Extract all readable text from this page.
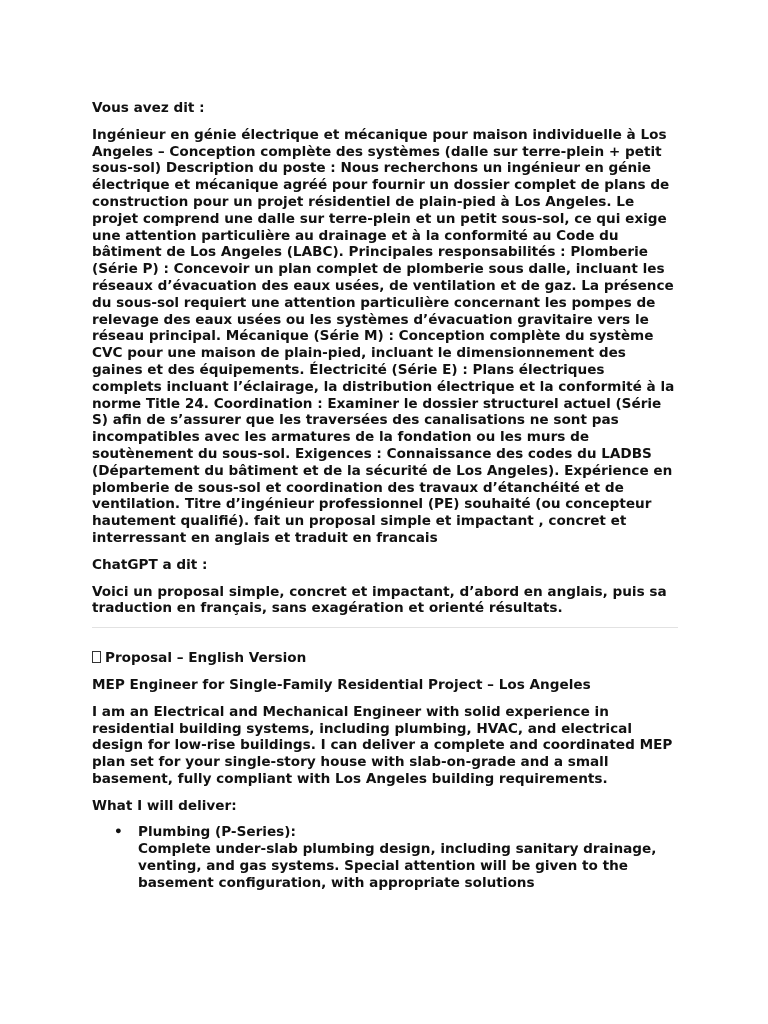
Vous avez dit :

Ingénieur en génie électrique et mécanique pour maison individuelle à Los Angeles – Conception complète des systèmes (dalle sur terre-plein + petit sous-sol) Description du poste : Nous recherchons un ingénieur en génie électrique et mécanique agréé pour fournir un dossier complet de plans de construction pour un projet résidentiel de plain-pied à Los Angeles. Le projet comprend une dalle sur terre-plein et un petit sous-sol, ce qui exige une attention particulière au drainage et à la conformité au Code du bâtiment de Los Angeles (LABC). Principales responsabilités : Plomberie (Série P) : Concevoir un plan complet de plomberie sous dalle, incluant les réseaux d’évacuation des eaux usées, de ventilation et de gaz. La présence du sous-sol requiert une attention particulière concernant les pompes de relevage des eaux usées ou les systèmes d’évacuation gravitaire vers le réseau principal. Mécanique (Série M) : Conception complète du système CVC pour une maison de plain-pied, incluant le dimensionnement des gaines et des équipements. Électricité (Série E) : Plans électriques complets incluant l’éclairage, la distribution électrique et la conformité à la norme Title 24. Coordination : Examiner le dossier structurel actuel (Série S) afin de s’assurer que les traversées des canalisations ne sont pas incompatibles avec les armatures de la fondation ou les murs de soutènement du sous-sol. Exigences : Connaissance des codes du LADBS (Département du bâtiment et de la sécurité de Los Angeles). Expérience en plomberie de sous-sol et coordination des travaux d’étanchéité et de ventilation. Titre d’ingénieur professionnel (PE) souhaité (ou concepteur hautement qualifié). fait un proposal simple et impactant , concret et interressant en anglais et traduit en francais

ChatGPT a dit :

Voici un proposal simple, concret et impactant, d’abord en anglais, puis sa traduction en français, sans exagération et orienté résultats.

Proposal – English Version

MEP Engineer for Single-Family Residential Project – Los Angeles

I am an Electrical and Mechanical Engineer with solid experience in residential building systems, including plumbing, HVAC, and electrical design for low-rise buildings. I can deliver a complete and coordinated MEP plan set for your single-story house with slab-on-grade and a small basement, fully compliant with Los Angeles building requirements.

What I will deliver:

• Plumbing (P-Series):
Complete under-slab plumbing design, including sanitary drainage, venting, and gas systems. Special attention will be given to the basement configuration, with appropriate solutions
